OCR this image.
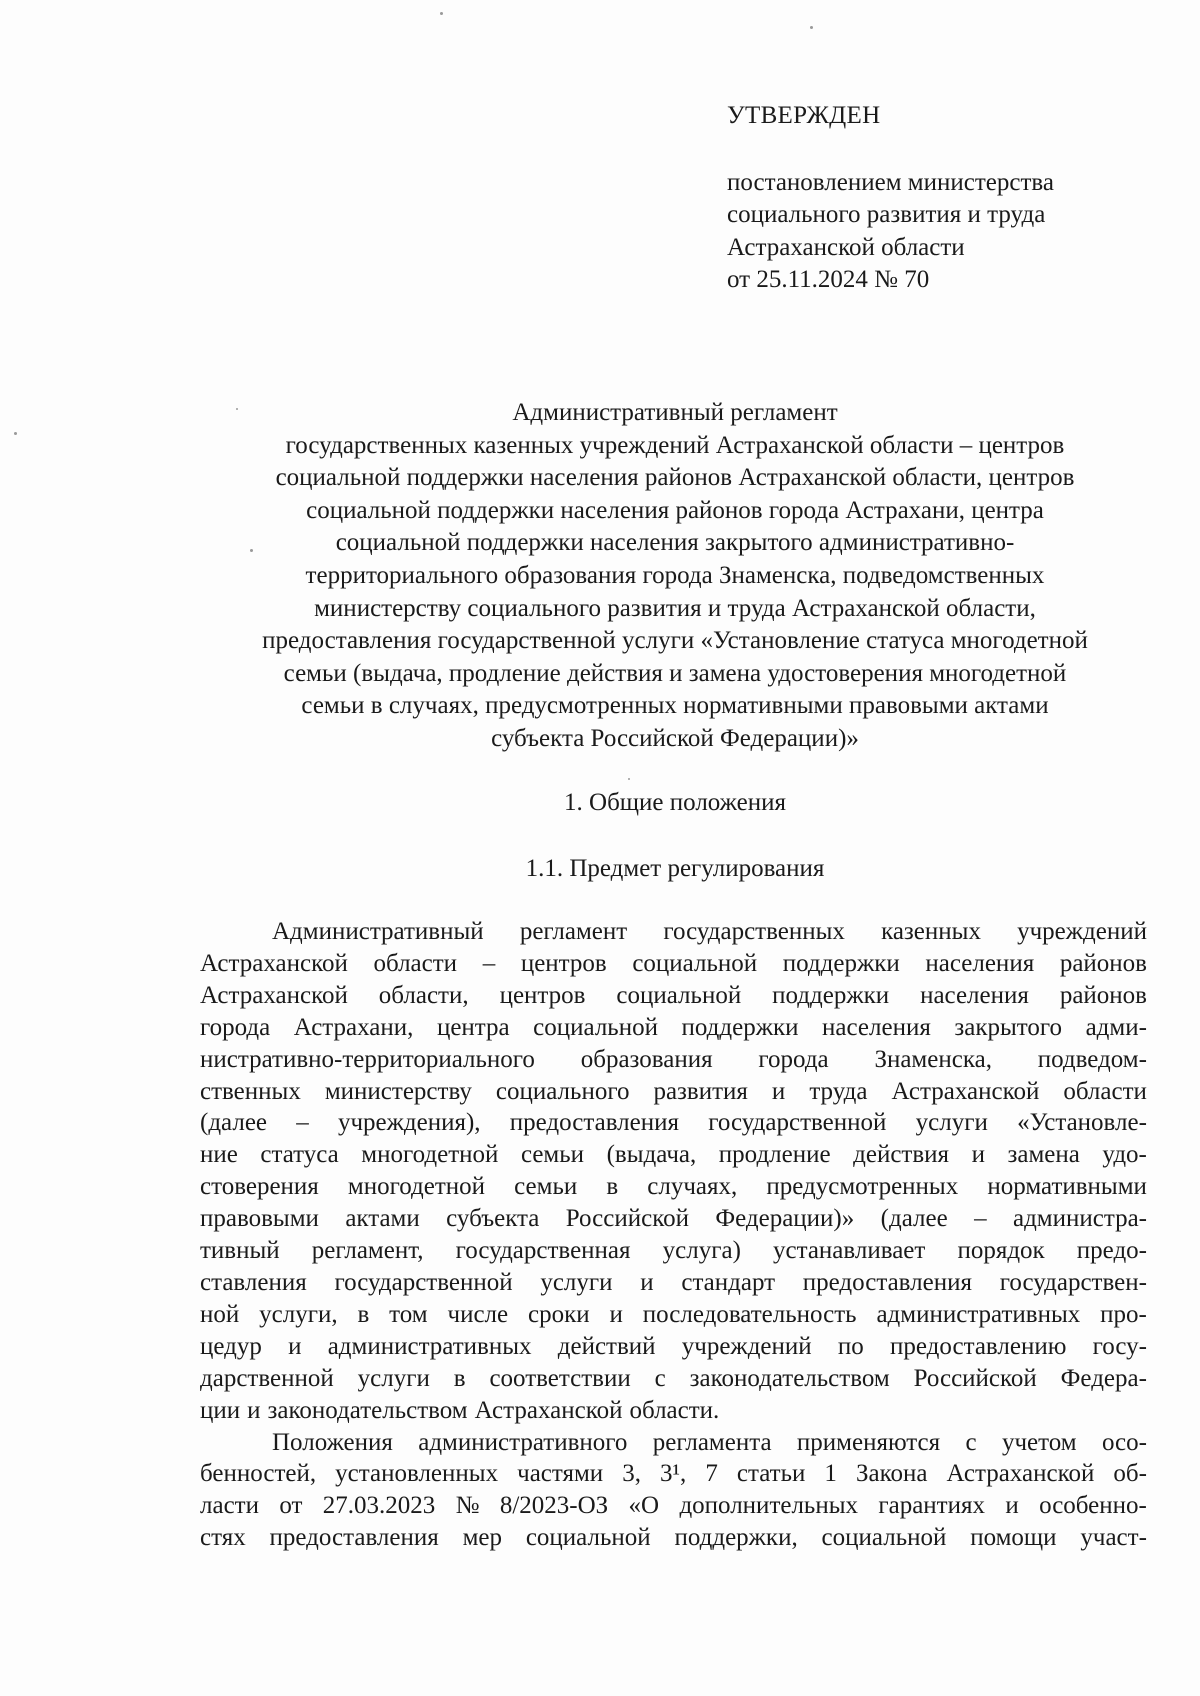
УТВЕРЖДЕН
постановлением министерства
социального развития и труда
Астраханской области
от 25.11.2024 № 70
Административный регламент
государственных казенных учреждений Астраханской области – центров
социальной поддержки населения районов Астраханской области, центров
социальной поддержки населения районов города Астрахани, центра
социальной поддержки населения закрытого административно-
территориального образования города Знаменска, подведомственных
министерству социального развития и труда Астраханской области,
предоставления государственной услуги «Установление статуса многодетной
семьи (выдача, продление действия и замена удостоверения многодетной
семьи в случаях, предусмотренных нормативными правовыми актами
субъекта Российской Федерации)»
1. Общие положения
1.1. Предмет регулирования
Административный регламент государственных казенных учреждений
Астраханской области – центров социальной поддержки населения районов
Астраханской области, центров социальной поддержки населения районов
города Астрахани, центра социальной поддержки населения закрытого адми-
нистративно-территориального образования города Знаменска, подведом-
ственных министерству социального развития и труда Астраханской области
(далее – учреждения), предоставления государственной услуги «Установле-
ние статуса многодетной семьи (выдача, продление действия и замена удо-
стоверения многодетной семьи в случаях, предусмотренных нормативными
правовыми актами субъекта Российской Федерации)» (далее – администра-
тивный регламент, государственная услуга) устанавливает порядок предо-
ставления государственной услуги и стандарт предоставления государствен-
ной услуги, в том числе сроки и последовательность административных про-
цедур и административных действий учреждений по предоставлению госу-
дарственной услуги в соответствии с законодательством Российской Федера-
ции и законодательством Астраханской области.
Положения административного регламента применяются с учетом осо-
бенностей, установленных частями 3, 3¹, 7 статьи 1 Закона Астраханской об-
ласти от 27.03.2023 № 8/2023-ОЗ «О дополнительных гарантиях и особенно-
стях предоставления мер социальной поддержки, социальной помощи участ-
